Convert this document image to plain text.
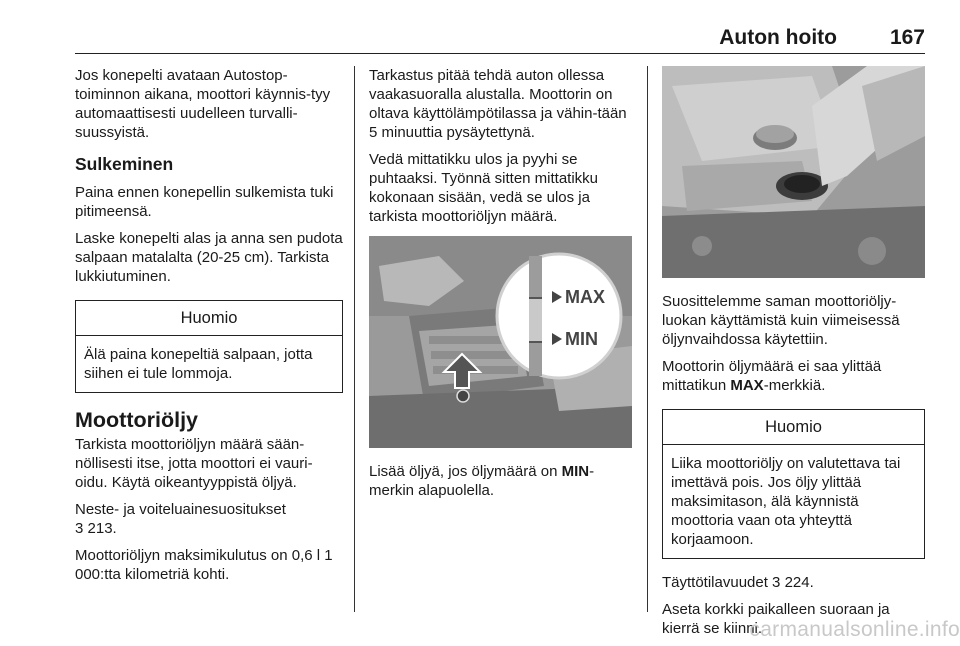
Auton hoito	167

Jos konepelti avataan Autostop-toiminnon aikana, moottori käynnis-tyy automaattisesti uudelleen turvalli-suussyistä.

Sulkeminen

Paina ennen konepellin sulkemista tuki pitimeensä.

Laske konepelti alas ja anna sen pudota salpaan matalalta (20-25 cm). Tarkista lukkiutuminen.

Huomio
Älä paina konepeltiä salpaan, jotta siihen ei tule lommoja.
Moottoriöljy

Tarkista moottoriöljyn määrä sään-nöllisesti itse, jotta moottori ei vauri-oidu. Käytä oikeantyyppistä öljyä.

Neste- ja voiteluainesuositukset
3 213.

Moottoriöljyn maksimikulutus on 0,6 l 1 000:tta kilometriä kohti.

Tarkastus pitää tehdä auton ollessa vaakasuoralla alustalla. Moottorin on oltava käyttölämpötilassa ja vähin-tään 5 minuuttia pysäytettynä.

Vedä mittatikku ulos ja pyyhi se puhtaaksi. Työnnä sitten mittatikku kokonaan sisään, vedä se ulos ja tarkista moottoriöljyn määrä.

MAX
MIN

Lisää öljyä, jos öljymäärä on MIN-merkin alapuolella.

Suosittelemme saman moottoriöljy-luokan käyttämistä kuin viimeisessä öljynvaihdossa käytettiin.

Moottorin öljymäärä ei saa ylittää mittatikun MAX-merkkiä.

Huomio
Liika moottoriöljy on valutettava tai imettävä pois. Jos öljy ylittää maksimitason, älä käynnistä moottoria vaan ota yhteyttä korjaamoon.

Täyttötilavuudet 3 224.

Aseta korkki paikalleen suoraan ja kierrä se kiinni.

carmanualsonline.info
